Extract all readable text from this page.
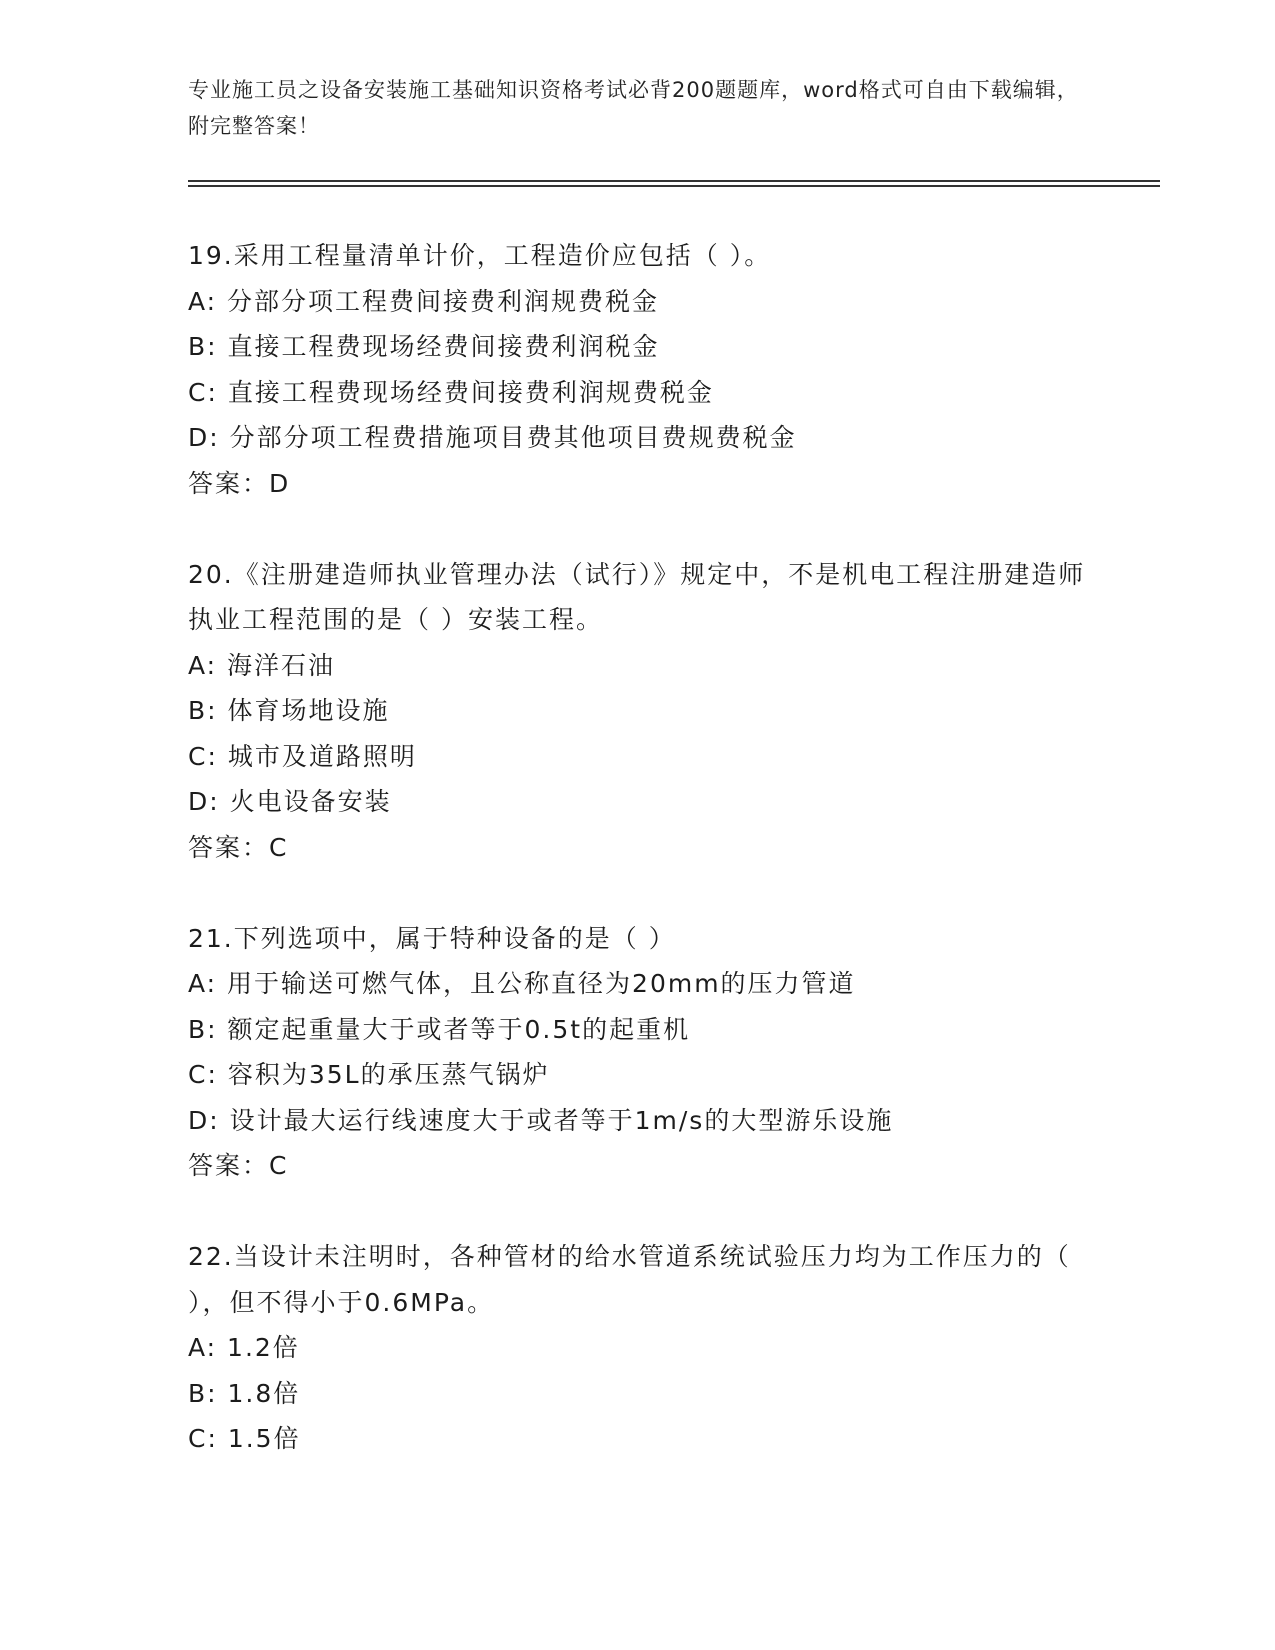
专业施工员之设备安装施工基础知识资格考试必背200题题库，word格式可自由下载编辑，附完整答案！
19.采用工程量清单计价，工程造价应包括（ ）。
A: 分部分项工程费间接费利润规费税金
B: 直接工程费现场经费间接费利润税金
C: 直接工程费现场经费间接费利润规费税金
D: 分部分项工程费措施项目费其他项目费规费税金
答案：D
20.《注册建造师执业管理办法（试行）》规定中，不是机电工程注册建造师执业工程范围的是（ ）安装工程。
A: 海洋石油
B: 体育场地设施
C: 城市及道路照明
D: 火电设备安装
答案：C
21.下列选项中，属于特种设备的是（ ）
A: 用于输送可燃气体，且公称直径为20mm的压力管道
B: 额定起重量大于或者等于0.5t的起重机
C: 容积为35L的承压蒸气锅炉
D: 设计最大运行线速度大于或者等于1m/s的大型游乐设施
答案：C
22.当设计未注明时，各种管材的给水管道系统试验压力均为工作压力的（ ），但不得小于0.6MPa。
A: 1.2倍
B: 1.8倍
C: 1.5倍
